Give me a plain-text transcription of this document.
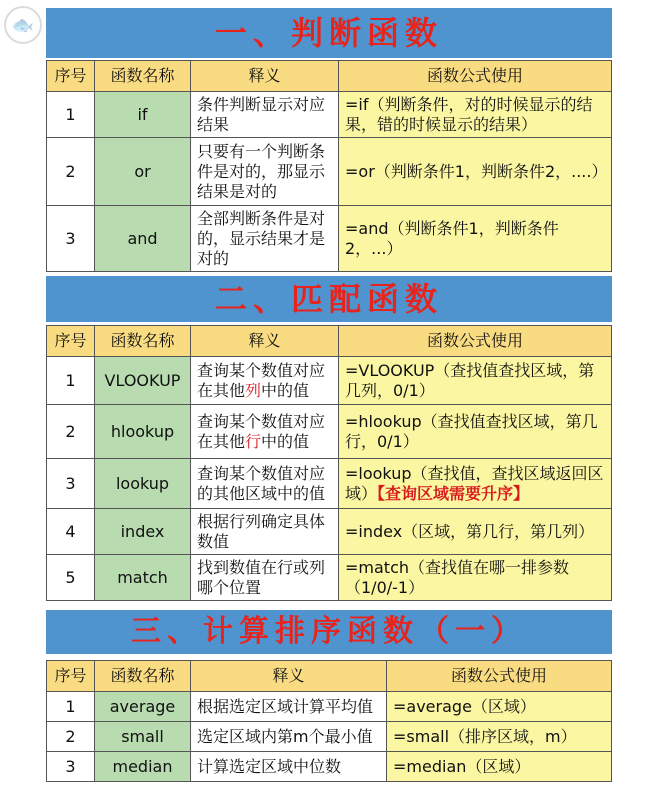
🐟	一、判断函数
序号	函数名称	释义	函数公式使用
1	if	条件判断显示对应结果	=if（判断条件，对的时候显示的结果，错的时候显示的结果）
2	or	只要有一个判断条件是对的，那显示结果是对的	=or（判断条件1，判断条件2，....）
3	and	全部判断条件是对的，显示结果才是对的	=and（判断条件1，判断条件2，...）
二、匹配函数
序号	函数名称	释义	函数公式使用
1	VLOOKUP	查询某个数值对应在其他列中的值	=VLOOKUP（查找值查找区域，第几列，0/1）
2	hlookup	查询某个数值对应在其他行中的值	=hlookup（查找值查找区域，第几行，0/1）
3	lookup	查询某个数值对应的其他区域中的值	=lookup（查找值，查找区域返回区域）【查询区域需要升序】
4	index	根据行列确定具体数值	=index（区域，第几行，第几列）
5	match	找到数值在行或列哪个位置	=match（查找值在哪一排参数（1/0/-1）
三、计算排序函数（一）
序号	函数名称	释义	函数公式使用
1	average	根据选定区域计算平均值	=average（区域）
2	small	选定区域内第m个最小值	=small（排序区域，m）
3	median	计算选定区域中位数	=median（区域）
